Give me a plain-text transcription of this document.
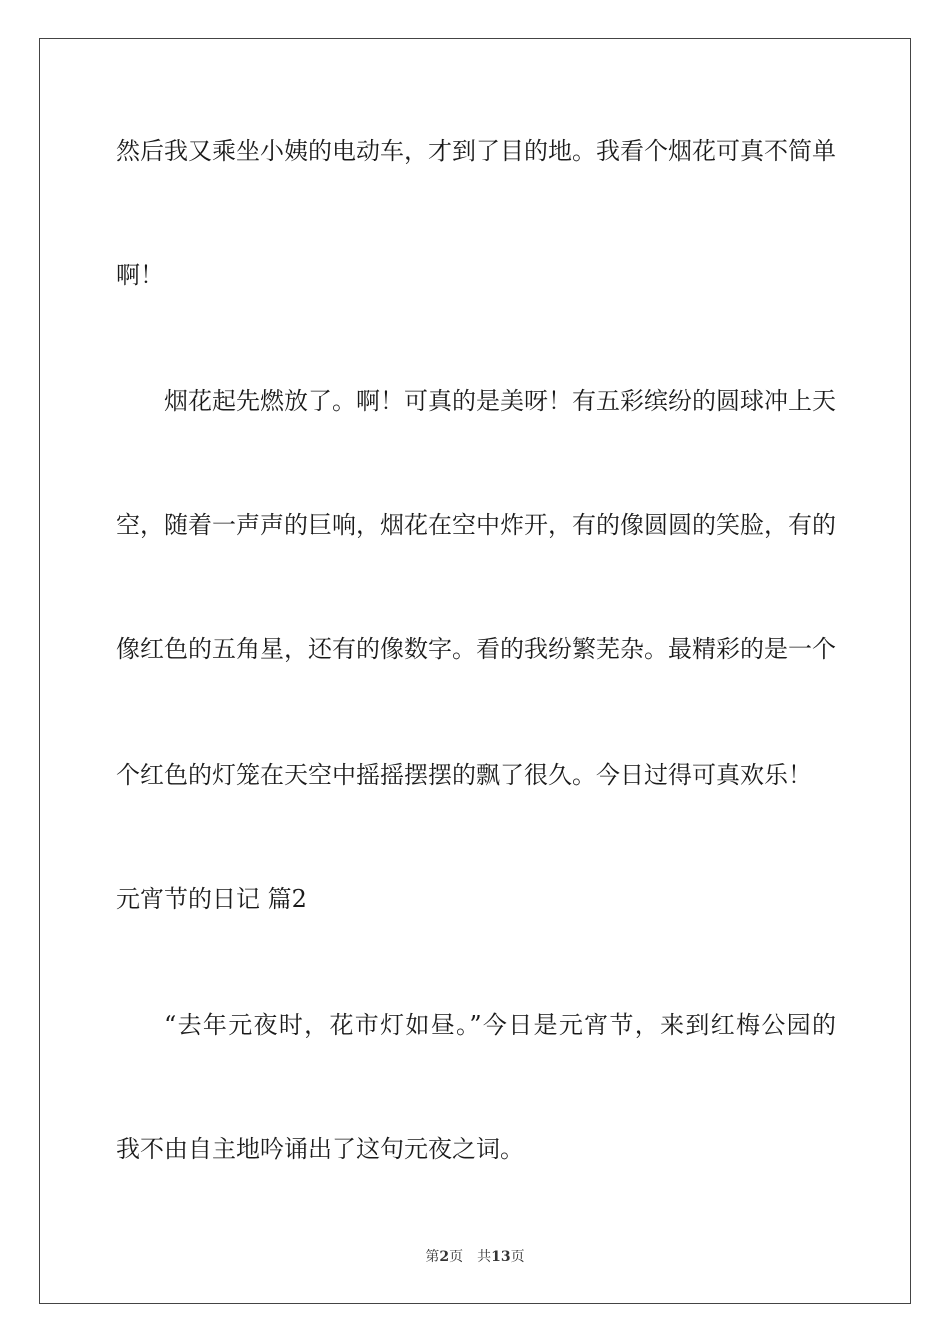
然后我又乘坐小姨的电动车，才到了目的地。我看个烟花可真不简单
啊！
烟花起先燃放了。啊！可真的是美呀！有五彩缤纷的圆球冲上天
空，随着一声声的巨响，烟花在空中炸开，有的像圆圆的笑脸，有的
像红色的五角星，还有的像数字。看的我纷繁芜杂。最精彩的是一个
个红色的灯笼在天空中摇摇摆摆的飘了很久。今日过得可真欢乐！
元宵节的日记 篇2
“去年元夜时，花市灯如昼。”今日是元宵节，来到红梅公园的
我不由自主地吟诵出了这句元夜之词。
第2页　共13页
